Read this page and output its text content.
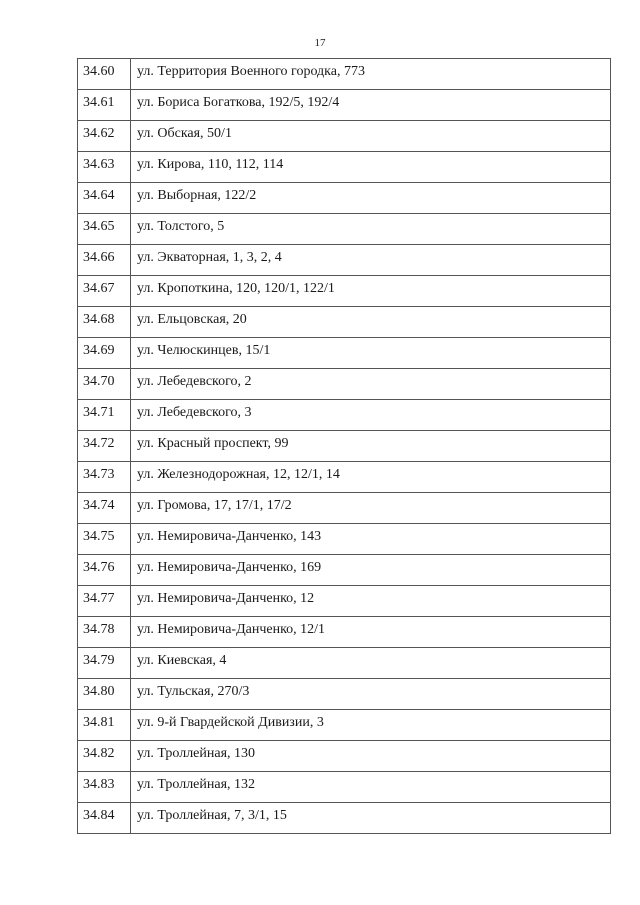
17
34.60	ул. Территория Военного городка, 773

34.61	ул. Бориса Богаткова, 192/5, 192/4

34.62	ул. Обская, 50/1

34.63	ул. Кирова, 110, 112, 114

34.64	ул. Выборная, 122/2

34.65	ул. Толстого, 5

34.66	ул. Экваторная, 1, 3, 2, 4

34.67	ул. Кропоткина, 120, 120/1, 122/1

34.68	ул. Ельцовская, 20

34.69	ул. Челюскинцев, 15/1

34.70	ул. Лебедевского, 2

34.71	ул. Лебедевского, 3

34.72	ул. Красный проспект, 99

34.73	ул. Железнодорожная, 12, 12/1, 14

34.74	ул. Громова, 17, 17/1, 17/2

34.75	ул. Немировича-Данченко, 143

34.76	ул. Немировича-Данченко, 169

34.77	ул. Немировича-Данченко, 12

34.78	ул. Немировича-Данченко, 12/1

34.79	ул. Киевская, 4

34.80	ул. Тульская, 270/3

34.81	ул. 9-й Гвардейской Дивизии, 3

34.82	ул. Троллейная, 130

34.83	ул. Троллейная, 132

34.84	ул. Троллейная, 7, 3/1, 15
